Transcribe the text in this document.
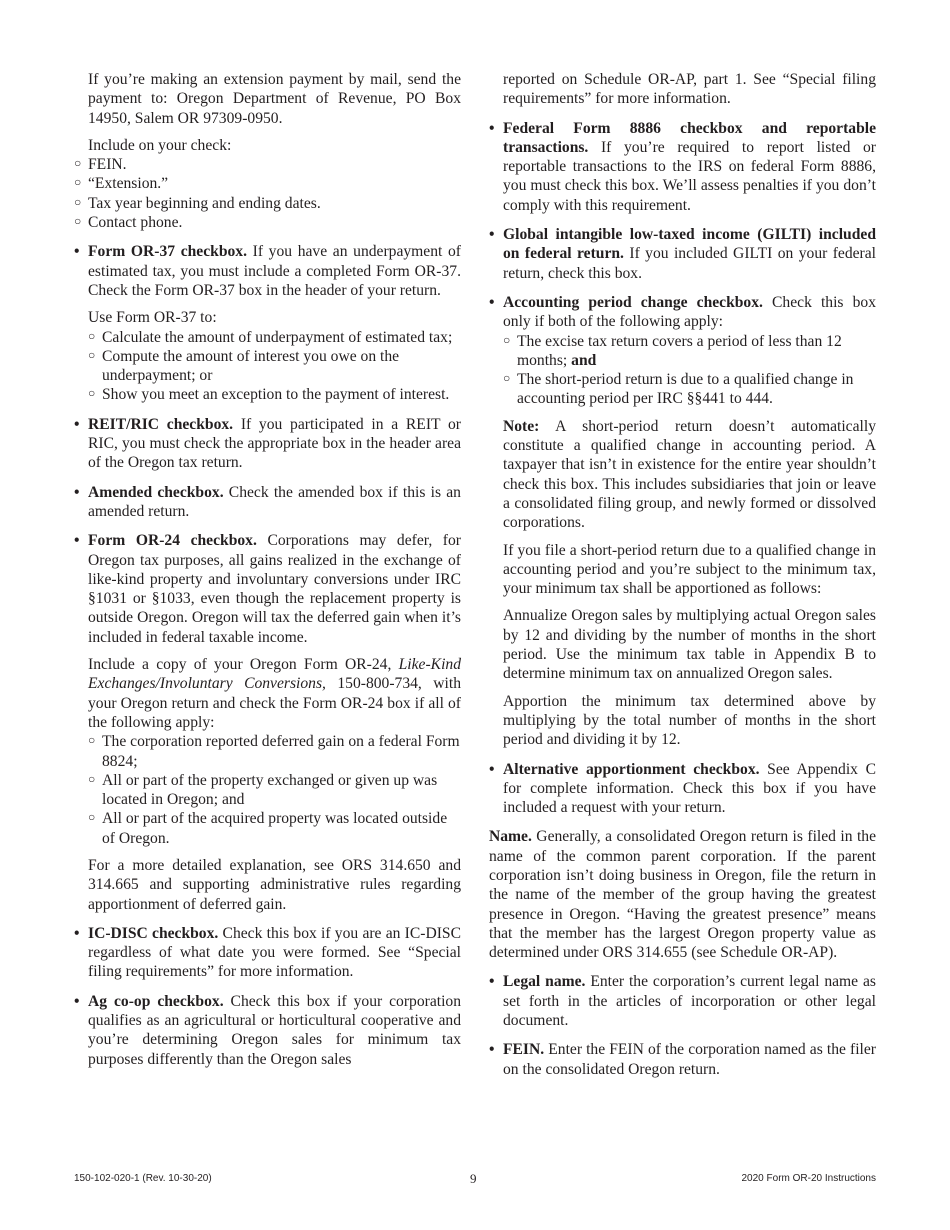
If you’re making an extension payment by mail, send the payment to: Oregon Department of Revenue, PO Box 14950, Salem OR 97309-0950.

Include on your check:

○ FEIN.
○ “Extension.”
○ Tax year beginning and ending dates.
○ Contact phone.
• Form OR-37 checkbox. If you have an underpayment of estimated tax, you must include a completed Form OR-37. Check the Form OR-37 box in the header of your return.

Use Form OR-37 to:

○ Calculate the amount of underpayment of estimated tax;
○ Compute the amount of interest you owe on the underpayment; or
○ Show you meet an exception to the payment of interest.
• REIT/RIC checkbox. If you participated in a REIT or RIC, you must check the appropriate box in the header area of the Oregon tax return.

• Amended checkbox. Check the amended box if this is an amended return.

• Form OR-24 checkbox. Corporations may defer, for Oregon tax purposes, all gains realized in the exchange of like-kind property and involuntary conversions under IRC §1031 or §1033, even though the replacement property is outside Oregon. Oregon will tax the deferred gain when it’s included in federal taxable income.

Include a copy of your Oregon Form OR-24, Like-Kind Exchanges/Involuntary Conversions, 150-800-734, with your Oregon return and check the Form OR-24 box if all of the following apply:

○ The corporation reported deferred gain on a federal Form 8824;
○ All or part of the property exchanged or given up was located in Oregon; and
○ All or part of the acquired property was located outside of Oregon.

For a more detailed explanation, see ORS 314.650 and 314.665 and supporting administrative rules regarding apportionment of deferred gain.

• IC-DISC checkbox. Check this box if you are an IC-DISC regardless of what date you were formed. See “Special filing requirements” for more information.

• Ag co-op checkbox. Check this box if your corporation qualifies as an agricultural or horticultural cooperative and you’re determining Oregon sales for minimum tax purposes differently than the Oregon sales

reported on Schedule OR-AP, part 1. See “Special filing requirements” for more information.

• Federal Form 8886 checkbox and reportable transactions. If you’re required to report listed or reportable transactions to the IRS on federal Form 8886, you must check this box. We’ll assess penalties if you don’t comply with this requirement.

• Global intangible low-taxed income (GILTI) included on federal return. If you included GILTI on your federal return, check this box.

• Accounting period change checkbox. Check this box only if both of the following apply:

○ The excise tax return covers a period of less than 12 months; and
○ The short-period return is due to a qualified change in accounting period per IRC §§441 to 444.

Note: A short-period return doesn’t automatically constitute a qualified change in accounting period. A taxpayer that isn’t in existence for the entire year shouldn’t check this box. This includes subsidiaries that join or leave a consolidated filing group, and newly formed or dissolved corporations.

If you file a short-period return due to a qualified change in accounting period and you’re subject to the minimum tax, your minimum tax shall be apportioned as follows:

Annualize Oregon sales by multiplying actual Oregon sales by 12 and dividing by the number of months in the short period. Use the minimum tax table in Appendix B to determine minimum tax on annualized Oregon sales.

Apportion the minimum tax determined above by multiplying by the total number of months in the short period and dividing it by 12.

• Alternative apportionment checkbox. See Appendix C for complete information. Check this box if you have included a request with your return.

Name. Generally, a consolidated Oregon return is filed in the name of the common parent corporation. If the parent corporation isn’t doing business in Oregon, file the return in the name of the member of the group having the greatest presence in Oregon. “Having the greatest presence” means that the member has the largest Oregon property value as determined under ORS 314.655 (see Schedule OR-AP).

• Legal name. Enter the corporation’s current legal name as set forth in the articles of incorporation or other legal document.

• FEIN. Enter the FEIN of the corporation named as the filer on the consolidated Oregon return.

150-102-020-1 (Rev. 10-30-20)	9	2020 Form OR-20 Instructions
